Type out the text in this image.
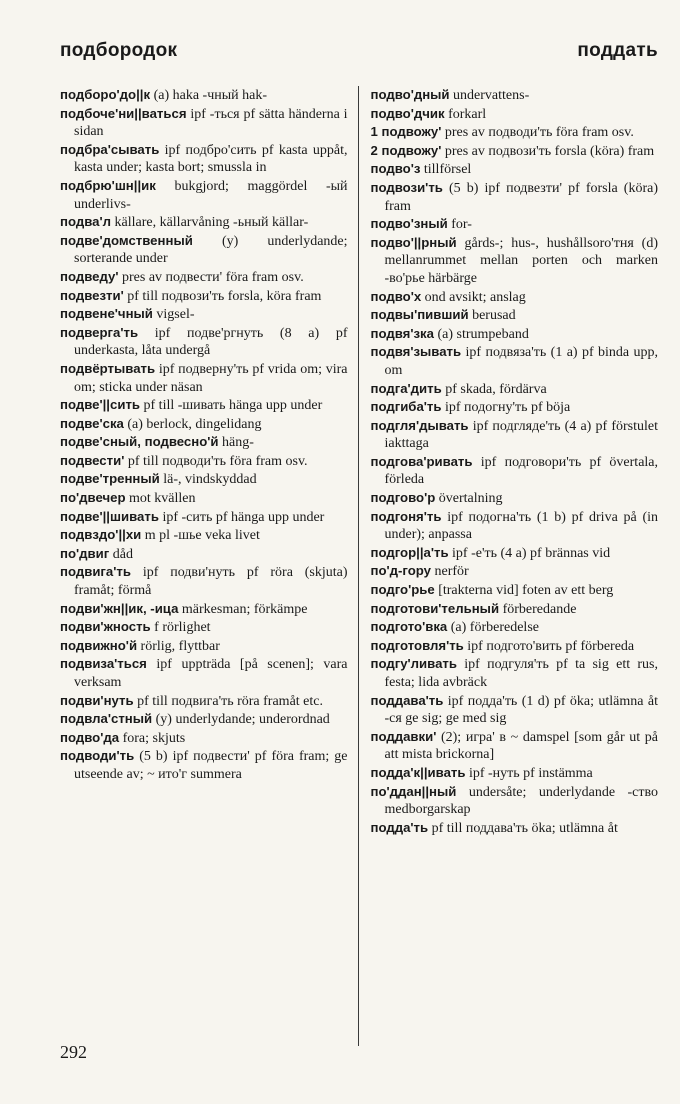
подбородок	поддать

подборо'до||к (a) haka -чный hak-

подбоче'ни||ваться ipf -ться pf sätta händerna i sidan

подбра'сывать ipf подбро'сить pf kasta uppåt, kasta under; kasta bort; smussla in

подбрю'шн||ик bukgjord; maggördel -ый underlivs-

подва'л källare, källarvåning -ьный källar-

подве'домственный (у) underlydande; sorterande under

подведу' pres av подвести' föra fram osv.

подвезти' pf till подвози'ть forsla, köra fram

подвене'чный vigsel-

подверга'ть ipf подве'ргнуть (8 a) pf underkasta, låta undergå

подвёртывать ipf подверну'ть pf vrida om; vira om; sticka under näsan

подве'||сить pf till -шивать hänga upp under

подве'ска (a) berlock, dingelidang

подве'сный, подвесно'й häng-

подвести' pf till подводи'ть föra fram osv.

подве'тренный lä-, vindskyddad

по'двечер mot kvällen

подве'||шивать ipf -сить pf hänga upp under

подвздо'||хи m pl -шье veka livet

по'двиг dåd

подвига'ть ipf подви'нуть pf röra (skjuta) framåt; förmå

подви'жн||ик, -ица märkesman; förkämpe

подви'жность f rörlighet

подвижно'й rörlig, flyttbar

подвиза'ться ipf uppträda [på scenen]; vara verksam

подви'нуть pf till подвига'ть röra framåt etc.

подвла'стный (у) underlydande; underordnad

подво'да fora; skjuts

подводи'ть (5 b) ipf подвести' pf föra fram; ge utseende av; ~ итo'г summera

подво'дный undervattens-

подво'дчик forkarl

1 подвожу' pres av подводи'ть föra fram osv.

2 подвожу' pres av подвози'ть forsla (köra) fram

подво'з tillförsel

подвози'ть (5 b) ipf подвезти' pf forsla (köra) fram

подво'зный for-

подво'||рный gårds-; hus-, hushållsorо'тня (d) mellanrummet mellan porten och marken -во'рье härbärge

подво'х ond avsikt; anslag

подвы'пивший berusad

подвя'зка (a) strumpeband

подвя'зывать ipf подвяза'ть (1 a) pf binda upp, om

подга'дить pf skada, fördärva

подгиба'ть ipf подогну'ть pf böja

подгля'дывать ipf подгляде'ть (4 a) pf förstulet iakttaga

подгова'ривать ipf подговори'ть pf övertala, förleda

подгово'р övertalning

подгоня'ть ipf подогна'ть (1 b) pf driva på (in under); anpassa

подгор||а'ть ipf -е'ть (4 a) pf brännas vid

по'д-гору nerför

подго'рье [trakterna vid] foten av ett berg

подготови'тельный förberedande

подгото'вка (a) förberedelse

подготовля'ть ipf подгото'вить pf förbereda

подгу'ливать ipf подгуля'ть pf ta sig ett rus, festa; lida avbräck

поддава'ть ipf подда'ть (1 d) pf öka; utlämna åt -ся ge sig; ge med sig

поддавки' (2); игра' в ~ damspel [som går ut på att mista brickorna]

поддa'к||ивать ipf -нуть pf instämma

по'ддан||ный undersåte; underlydande -ство medborgarskap

подда'ть pf till поддава'ть öka; utlämna åt

292
